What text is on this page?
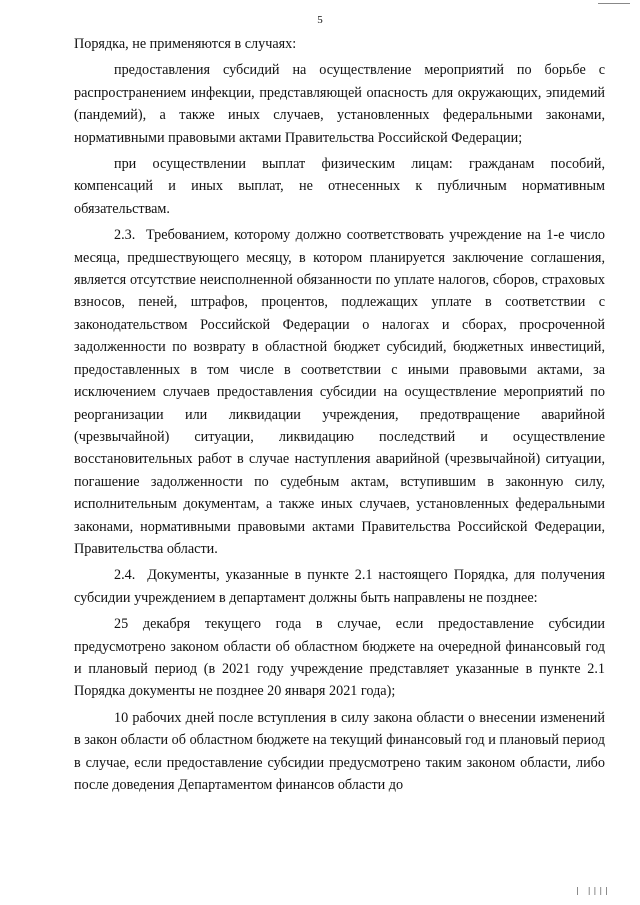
5

Порядка, не применяются в случаях:

предоставления субсидий на осуществление мероприятий по борьбе с распространением инфекции, представляющей опасность для окружающих, эпидемий (пандемий), а также иных случаев, установленных федеральными законами, нормативными правовыми актами Правительства Российской Федерации;

при осуществлении выплат физическим лицам: гражданам пособий, компенсаций и иных выплат, не отнесенных к публичным нормативным обязательствам.

2.3.  Требованием, которому должно соответствовать учреждение на 1-е число месяца, предшествующего месяцу, в котором планируется заключение соглашения, является отсутствие неисполненной обязанности по уплате налогов, сборов, страховых взносов, пеней, штрафов, процентов, подлежащих уплате в соответствии с законодательством Российской Федерации о налогах и сборах, просроченной задолженности по возврату в областной бюджет субсидий, бюджетных инвестиций, предоставленных в том числе в соответствии с иными правовыми актами, за исключением случаев предоставления субсидии на осуществление мероприятий по реорганизации или ликвидации учреждения, предотвращение аварийной (чрезвычайной) ситуации, ликвидацию последствий и осуществление восстановительных работ в случае наступления аварийной (чрезвычайной) ситуации, погашение задолженности по судебным актам, вступившим в законную силу, исполнительным документам, а также иных случаев, установленных федеральными законами, нормативными правовыми актами Правительства Российской Федерации, Правительства области.

2.4.  Документы, указанные в пункте 2.1 настоящего Порядка, для получения субсидии учреждением в департамент должны быть направлены не позднее:

25 декабря текущего года в случае, если предоставление субсидии предусмотрено законом области об областном бюджете на очередной финансовый год и плановый период (в 2021 году учреждение представляет указанные в пункте 2.1 Порядка документы не позднее 20 января 2021 года);

10 рабочих дней после вступления в силу закона области о внесении изменений в закон области об областном бюджете на текущий финансовый год и плановый период в случае, если предоставление субсидии предусмотрено таким законом области, либо после доведения Департаментом финансов области до

| ||||
